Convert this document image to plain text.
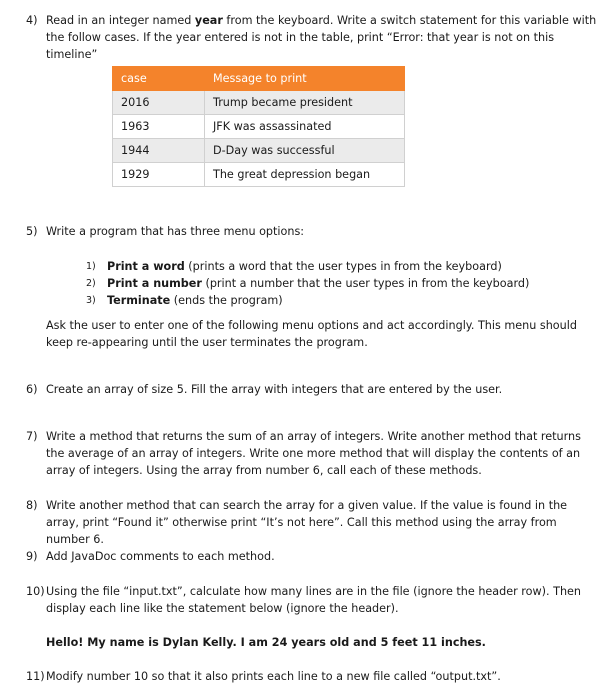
4) Read in an integer named year from the keyboard. Write a switch statement for this variable with the follow cases. If the year entered is not in the table, print “Error: that year is not on this timeline”
case	Message to print
2016	Trump became president
1963	JFK was assassinated
1944	D-Day was successful
1929	The great depression began
5) Write a program that has three menu options:
1) Print a word (prints a word that the user types in from the keyboard)
2) Print a number (print a number that the user types in from the keyboard)
3) Terminate (ends the program)
Ask the user to enter one of the following menu options and act accordingly. This menu should keep re-appearing until the user terminates the program.
6) Create an array of size 5. Fill the array with integers that are entered by the user.
7) Write a method that returns the sum of an array of integers. Write another method that returns the average of an array of integers. Write one more method that will display the contents of an array of integers. Using the array from number 6, call each of these methods.
8) Write another method that can search the array for a given value. If the value is found in the array, print “Found it” otherwise print “It’s not here”. Call this method using the array from number 6.
9) Add JavaDoc comments to each method.
10) Using the file “input.txt”, calculate how many lines are in the file (ignore the header row). Then display each line like the statement below (ignore the header).
Hello! My name is Dylan Kelly. I am 24 years old and 5 feet 11 inches.
11) Modify number 10 so that it also prints each line to a new file called “output.txt”.
